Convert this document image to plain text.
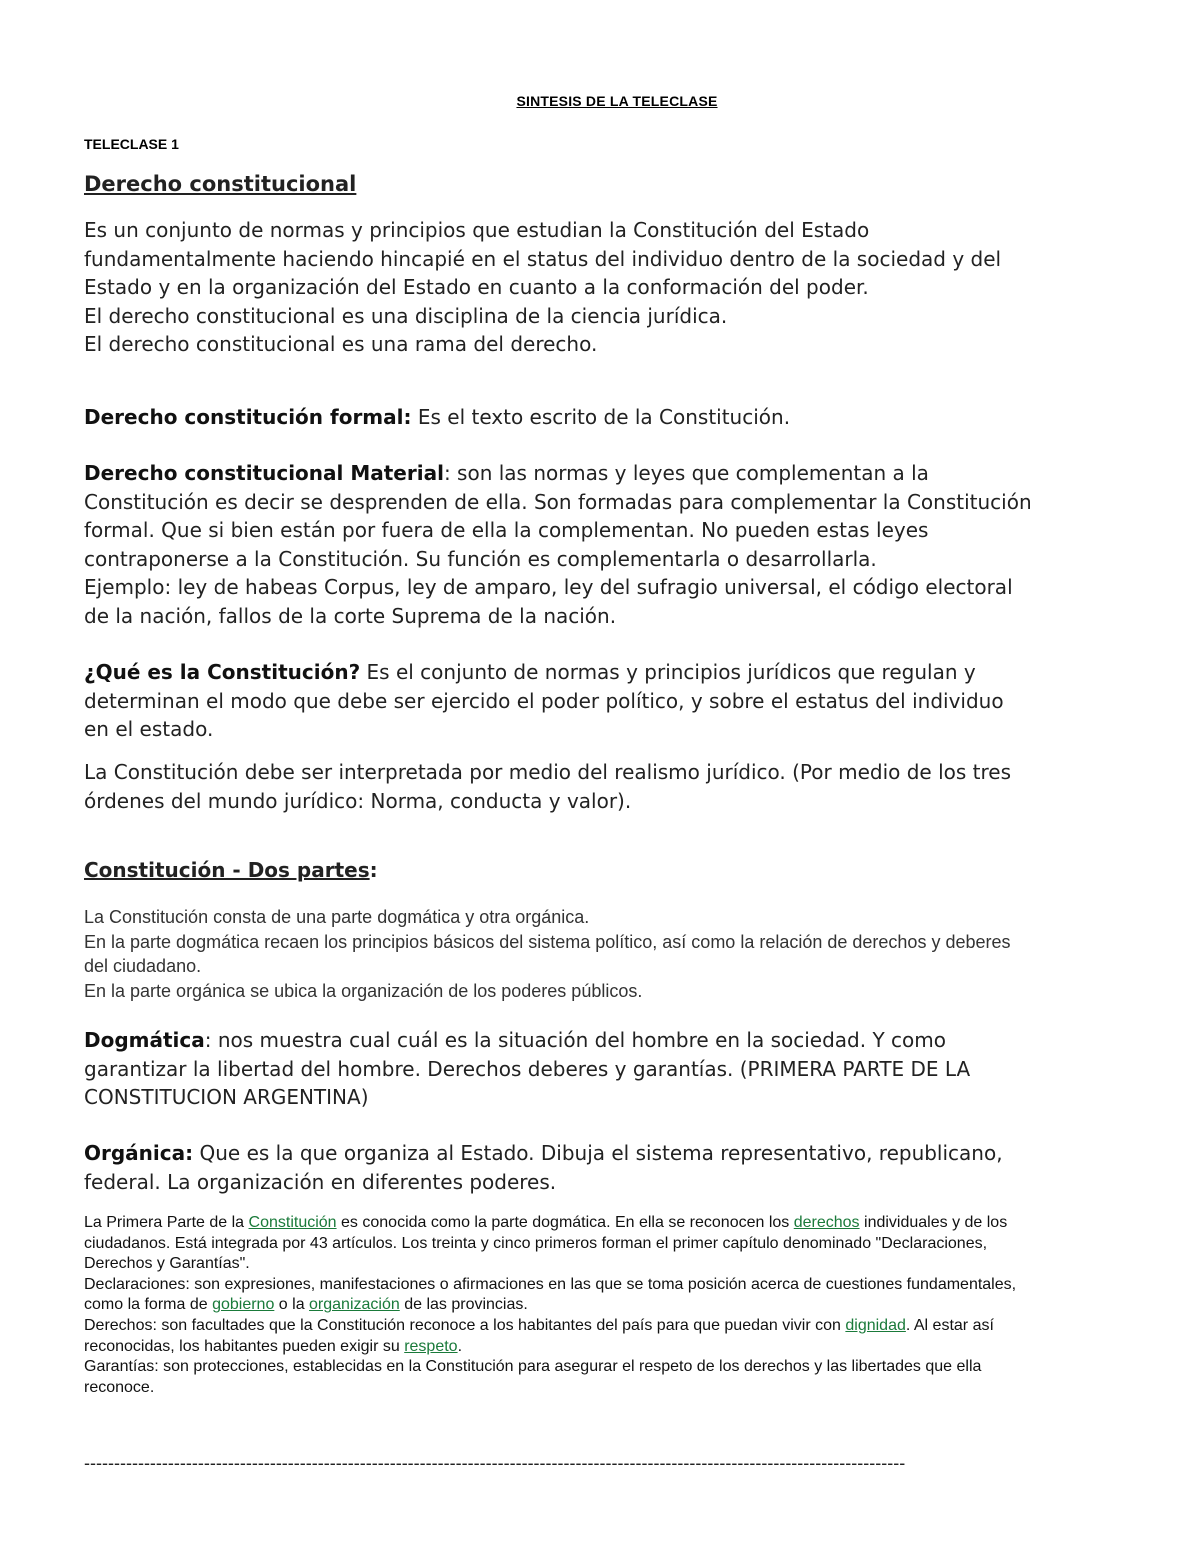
SINTESIS DE LA TELECLASE
TELECLASE 1
Derecho constitucional
Es un conjunto de normas y principios que estudian la Constitución del Estado
fundamentalmente haciendo hincapié en el status del individuo dentro de la sociedad y del
Estado y en la organización del Estado en cuanto a la conformación del poder.
El derecho constitucional es una disciplina de la ciencia jurídica.
El derecho constitucional es una rama del derecho.
Derecho constitución formal: Es el texto escrito de la Constitución.
Derecho constitucional Material: son las normas y leyes que complementan a la
Constitución es decir se desprenden de ella. Son formadas para complementar la Constitución
formal. Que si bien están por fuera de ella la complementan. No pueden estas leyes
contraponerse a la Constitución. Su función es complementarla o desarrollarla.
Ejemplo: ley de habeas Corpus, ley de amparo, ley del sufragio universal, el código electoral
de la nación, fallos de la corte Suprema de la nación.
¿Qué es la Constitución? Es el conjunto de normas y principios jurídicos que regulan y
determinan el modo que debe ser ejercido el poder político, y sobre el estatus del individuo
en el estado.
La Constitución debe ser interpretada por medio del realismo jurídico. (Por medio de los tres
órdenes del mundo jurídico: Norma, conducta y valor).
Constitución - Dos partes:
La Constitución consta de una parte dogmática y otra orgánica.
En la parte dogmática recaen los principios básicos del sistema político, así como la relación de derechos y deberes
del ciudadano.
En la parte orgánica se ubica la organización de los poderes públicos.
Dogmática: nos muestra cual cuál es la situación del hombre en la sociedad. Y como
garantizar la libertad del hombre. Derechos deberes y garantías. (PRIMERA PARTE DE LA
CONSTITUCION ARGENTINA)
Orgánica: Que es la que organiza al Estado. Dibuja el sistema representativo, republicano,
federal. La organización en diferentes poderes.
La Primera Parte de la Constitución es conocida como la parte dogmática. En ella se reconocen los derechos individuales y de los
ciudadanos. Está integrada por 43 artículos. Los treinta y cinco primeros forman el primer capítulo denominado "Declaraciones,
Derechos y Garantías".
Declaraciones: son expresiones, manifestaciones o afirmaciones en las que se toma posición acerca de cuestiones fundamentales,
como la forma de gobierno o la organización de las provincias.
Derechos: son facultades que la Constitución reconoce a los habitantes del país para que puedan vivir con dignidad. Al estar así
reconocidas, los habitantes pueden exigir su respeto.
Garantías: son protecciones, establecidas en la Constitución para asegurar el respeto de los derechos y las libertades que ella
reconoce.
-----------------------------------------------------------------------------------------------------------------------------------------
